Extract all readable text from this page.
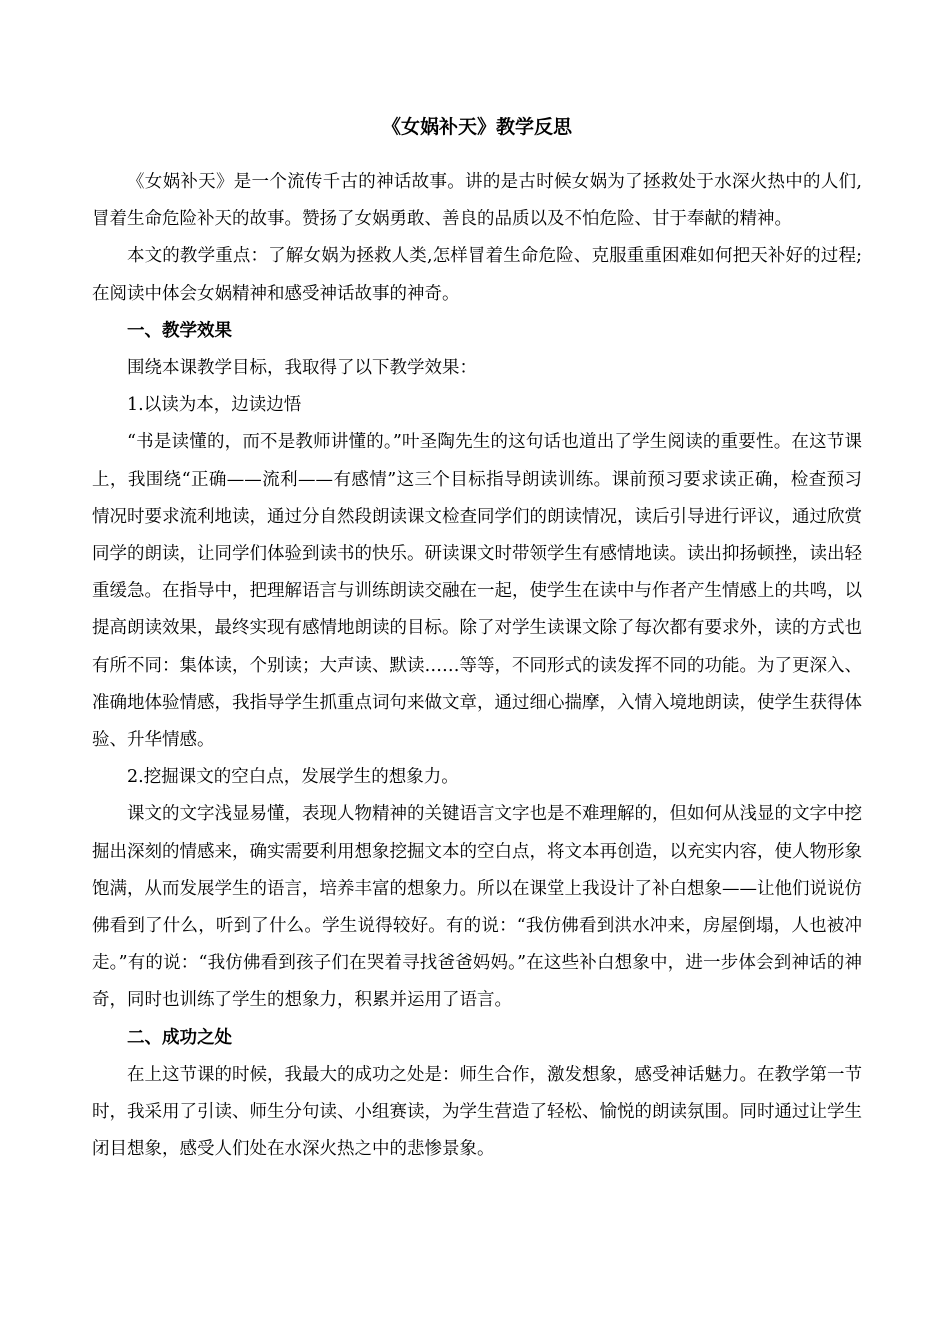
《女娲补天》教学反思

《女娲补天》是一个流传千古的神话故事。讲的是古时候女娲为了拯救处于水深火热中的人们,冒着生命危险补天的故事。赞扬了女娲勇敢、善良的品质以及不怕危险、甘于奉献的精神。

本文的教学重点：了解女娲为拯救人类,怎样冒着生命危险、克服重重困难如何把天补好的过程;在阅读中体会女娲精神和感受神话故事的神奇。

一、教学效果

围绕本课教学目标，我取得了以下教学效果：

1.以读为本，边读边悟

“书是读懂的，而不是教师讲懂的。”叶圣陶先生的这句话也道出了学生阅读的重要性。在这节课上，我围绕“正确——流利——有感情”这三个目标指导朗读训练。课前预习要求读正确，检查预习情况时要求流利地读，通过分自然段朗读课文检查同学们的朗读情况，读后引导进行评议，通过欣赏同学的朗读，让同学们体验到读书的快乐。研读课文时带领学生有感情地读。读出抑扬顿挫，读出轻重缓急。在指导中，把理解语言与训练朗读交融在一起，使学生在读中与作者产生情感上的共鸣，以提高朗读效果，最终实现有感情地朗读的目标。除了对学生读课文除了每次都有要求外，读的方式也有所不同：集体读，个别读；大声读、默读……等等，不同形式的读发挥不同的功能。为了更深入、准确地体验情感，我指导学生抓重点词句来做文章，通过细心揣摩，入情入境地朗读，使学生获得体验、升华情感。

2.挖掘课文的空白点，发展学生的想象力。

课文的文字浅显易懂，表现人物精神的关键语言文字也是不难理解的，但如何从浅显的文字中挖掘出深刻的情感来，确实需要利用想象挖掘文本的空白点，将文本再创造，以充实内容，使人物形象饱满，从而发展学生的语言，培养丰富的想象力。所以在课堂上我设计了补白想象——让他们说说仿佛看到了什么，听到了什么。学生说得较好。有的说：“我仿佛看到洪水冲来，房屋倒塌，人也被冲走。”有的说：“我仿佛看到孩子们在哭着寻找爸爸妈妈。”在这些补白想象中，进一步体会到神话的神奇，同时也训练了学生的想象力，积累并运用了语言。

二、成功之处

在上这节课的时候，我最大的成功之处是：师生合作，激发想象，感受神话魅力。在教学第一节时，我采用了引读、师生分句读、小组赛读，为学生营造了轻松、愉悦的朗读氛围。同时通过让学生闭目想象，感受人们处在水深火热之中的悲惨景象。
